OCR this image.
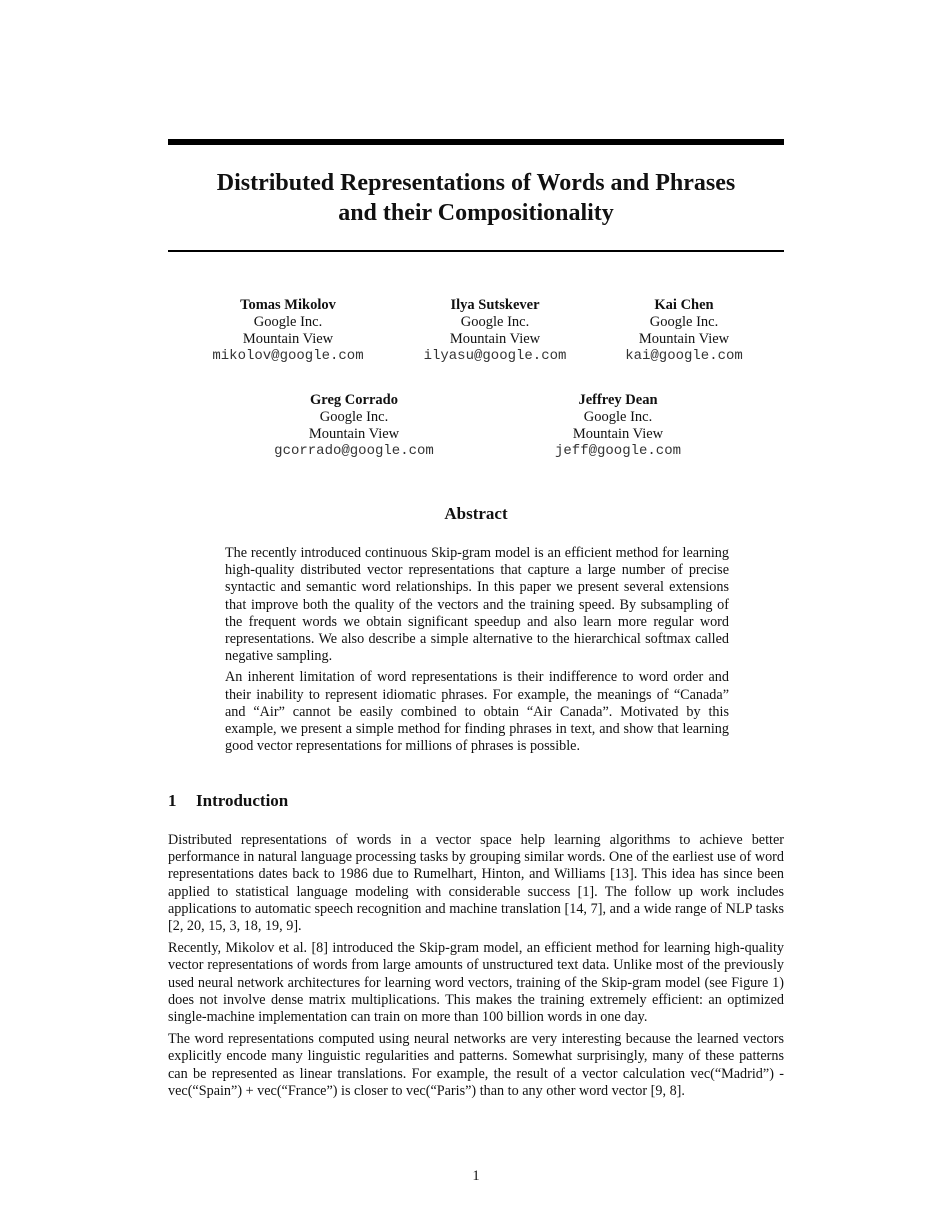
Distributed Representations of Words and Phrases
and their Compositionality
Tomas Mikolov
Google Inc.
Mountain View
mikolov@google.com
Ilya Sutskever
Google Inc.
Mountain View
ilyasu@google.com
Kai Chen
Google Inc.
Mountain View
kai@google.com
Greg Corrado
Google Inc.
Mountain View
gcorrado@google.com
Jeffrey Dean
Google Inc.
Mountain View
jeff@google.com
Abstract

The recently introduced continuous Skip-gram model is an efficient method for learning high-quality distributed vector representations that capture a large number of precise syntactic and semantic word relationships. In this paper we present several extensions that improve both the quality of the vectors and the training speed. By subsampling of the frequent words we obtain significant speedup and also learn more regular word representations. We also describe a simple alternative to the hierarchical softmax called negative sampling.

An inherent limitation of word representations is their indifference to word order and their inability to represent idiomatic phrases. For example, the meanings of “Canada” and “Air” cannot be easily combined to obtain “Air Canada”. Motivated by this example, we present a simple method for finding phrases in text, and show that learning good vector representations for millions of phrases is possible.

1 Introduction

Distributed representations of words in a vector space help learning algorithms to achieve better performance in natural language processing tasks by grouping similar words. One of the earliest use of word representations dates back to 1986 due to Rumelhart, Hinton, and Williams [13]. This idea has since been applied to statistical language modeling with considerable success [1]. The follow up work includes applications to automatic speech recognition and machine translation [14, 7], and a wide range of NLP tasks [2, 20, 15, 3, 18, 19, 9].

Recently, Mikolov et al. [8] introduced the Skip-gram model, an efficient method for learning high-quality vector representations of words from large amounts of unstructured text data. Unlike most of the previously used neural network architectures for learning word vectors, training of the Skip-gram model (see Figure 1) does not involve dense matrix multiplications. This makes the training extremely efficient: an optimized single-machine implementation can train on more than 100 billion words in one day.

The word representations computed using neural networks are very interesting because the learned vectors explicitly encode many linguistic regularities and patterns. Somewhat surprisingly, many of these patterns can be represented as linear translations. For example, the result of a vector calculation vec(“Madrid”) - vec(“Spain”) + vec(“France”) is closer to vec(“Paris”) than to any other word vector [9, 8].

1
